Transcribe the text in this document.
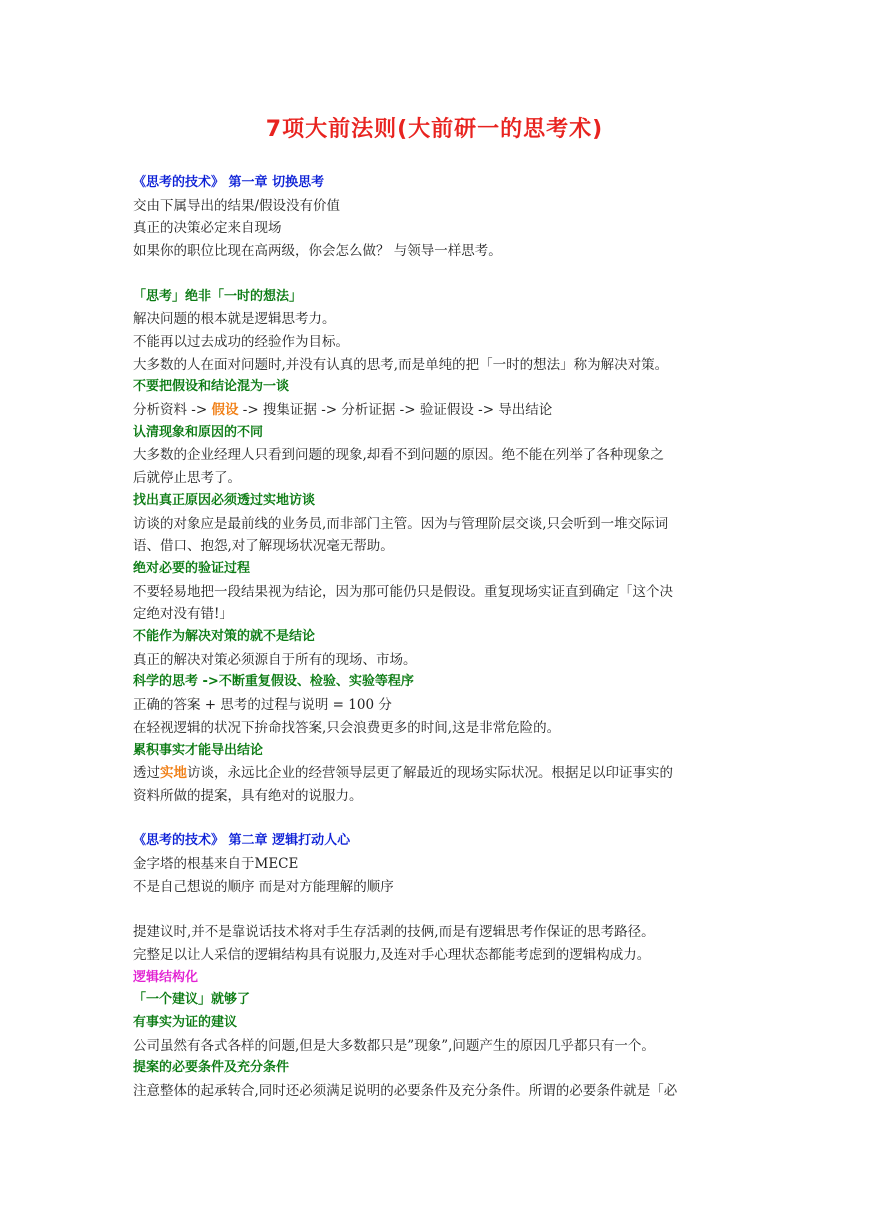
7项大前法则(大前研一的思考术)
《思考的技术》 第一章 切换思考
交由下属导出的结果/假设没有价值
真正的决策必定来自现场
如果你的职位比现在高两级，你会怎么做？ 与领导一样思考。
「思考」绝非「一时的想法」
解决问题的根本就是逻辑思考力。
不能再以过去成功的经验作为目标。
大多数的人在面对问题时,并没有认真的思考,而是单纯的把「一时的想法」称为解决对策。
不要把假设和结论混为一谈
分析资料 -> 假设 -> 搜集证据 -> 分析证据 -> 验证假设 -> 导出结论
认清现象和原因的不同
大多数的企业经理人只看到问题的现象,却看不到问题的原因。绝不能在列举了各种现象之
后就停止思考了。
找出真正原因必须透过实地访谈
访谈的对象应是最前线的业务员,而非部门主管。因为与管理阶层交谈,只会听到一堆交际词
语、借口、抱怨,对了解现场状况毫无帮助。
绝对必要的验证过程
不要轻易地把一段结果视为结论，因为那可能仍只是假设。重复现场实证直到确定「这个决
定绝对没有错!」
不能作为解决对策的就不是结论
真正的解决对策必须源自于所有的现场、市场。
科学的思考 ->不断重复假设、检验、实验等程序
正确的答案 + 思考的过程与说明 = 100 分
在轻视逻辑的状况下拚命找答案,只会浪费更多的时间,这是非常危险的。
累积事实才能导出结论
透过实地访谈，永远比企业的经营领导层更了解最近的现场实际状况。根据足以印证事实的
资料所做的提案，具有绝对的说服力。
《思考的技术》 第二章 逻辑打动人心
金字塔的根基来自于MECE
不是自己想说的顺序 而是对方能理解的顺序
提建议时,并不是靠说话技术将对手生存活剥的技俩,而是有逻辑思考作保证的思考路径。
完整足以让人采信的逻辑结构具有说服力,及连对手心理状态都能考虑到的逻辑构成力。
逻辑结构化
「一个建议」就够了
有事实为证的建议
公司虽然有各式各样的问题,但是大多数都只是”现象”,问题产生的原因几乎都只有一个。
提案的必要条件及充分条件
注意整体的起承转合,同时还必须满足说明的必要条件及充分条件。所谓的必要条件就是「必
